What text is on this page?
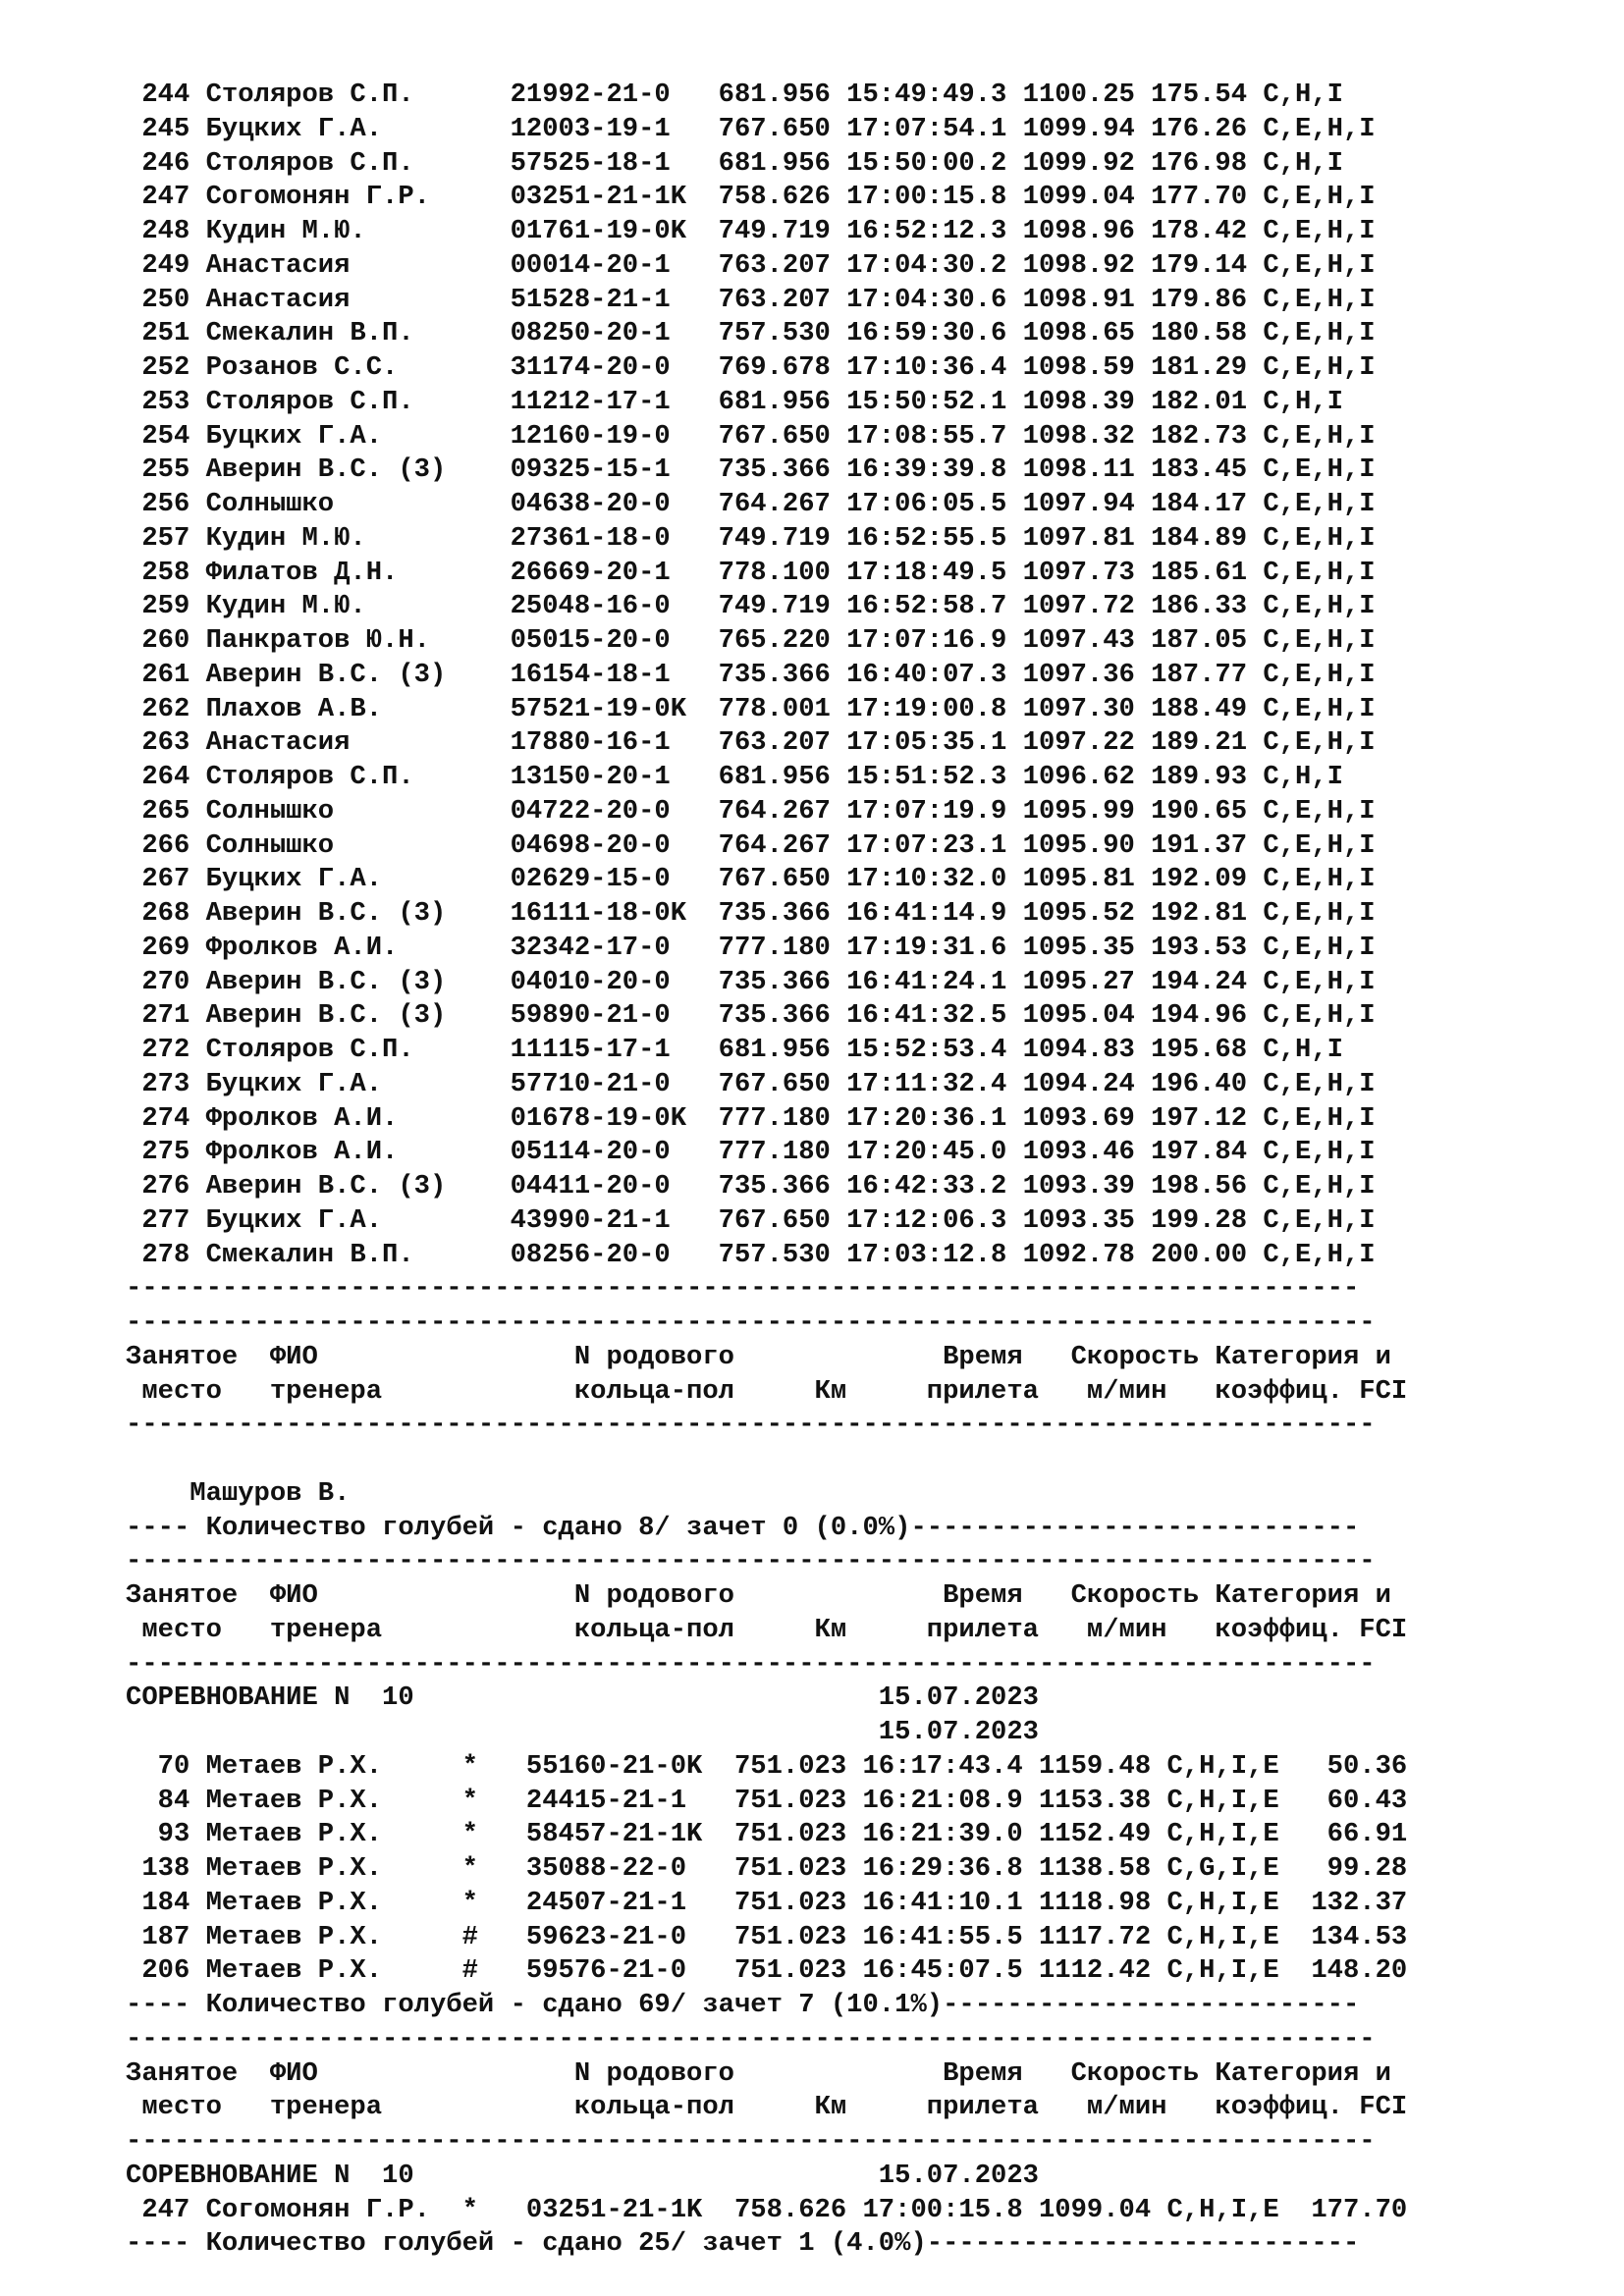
244 Столяров С.П.      21992-21-0   681.956 15:49:49.3 1100.25 175.54 C,H,I
245 Буцких Г.А.        12003-19-1   767.650 17:07:54.1 1099.94 176.26 C,E,H,I
246 Столяров С.П.      57525-18-1   681.956 15:50:00.2 1099.92 176.98 C,H,I
247 Согомонян Г.Р.     03251-21-1K  758.626 17:00:15.8 1099.04 177.70 C,E,H,I
248 Кудин М.Ю.         01761-19-0K  749.719 16:52:12.3 1098.96 178.42 C,E,H,I
249 Анастасия          00014-20-1   763.207 17:04:30.2 1098.92 179.14 C,E,H,I
250 Анастасия          51528-21-1   763.207 17:04:30.6 1098.91 179.86 C,E,H,I
251 Смекалин В.П.      08250-20-1   757.530 16:59:30.6 1098.65 180.58 C,E,H,I
252 Розанов С.С.       31174-20-0   769.678 17:10:36.4 1098.59 181.29 C,E,H,I
253 Столяров С.П.      11212-17-1   681.956 15:50:52.1 1098.39 182.01 C,H,I
254 Буцких Г.А.        12160-19-0   767.650 17:08:55.7 1098.32 182.73 C,E,H,I
255 Аверин В.С. (3)    09325-15-1   735.366 16:39:39.8 1098.11 183.45 C,E,H,I
256 Солнышко           04638-20-0   764.267 17:06:05.5 1097.94 184.17 C,E,H,I
257 Кудин М.Ю.         27361-18-0   749.719 16:52:55.5 1097.81 184.89 C,E,H,I
258 Филатов Д.Н.       26669-20-1   778.100 17:18:49.5 1097.73 185.61 C,E,H,I
259 Кудин М.Ю.         25048-16-0   749.719 16:52:58.7 1097.72 186.33 C,E,H,I
260 Панкратов Ю.Н.     05015-20-0   765.220 17:07:16.9 1097.43 187.05 C,E,H,I
261 Аверин В.С. (3)    16154-18-1   735.366 16:40:07.3 1097.36 187.77 C,E,H,I
262 Плахов А.В.        57521-19-0K  778.001 17:19:00.8 1097.30 188.49 C,E,H,I
263 Анастасия          17880-16-1   763.207 17:05:35.1 1097.22 189.21 C,E,H,I
264 Столяров С.П.      13150-20-1   681.956 15:51:52.3 1096.62 189.93 C,H,I
265 Солнышко           04722-20-0   764.267 17:07:19.9 1095.99 190.65 C,E,H,I
266 Солнышко           04698-20-0   764.267 17:07:23.1 1095.90 191.37 C,E,H,I
267 Буцких Г.А.        02629-15-0   767.650 17:10:32.0 1095.81 192.09 C,E,H,I
268 Аверин В.С. (3)    16111-18-0K  735.366 16:41:14.9 1095.52 192.81 C,E,H,I
269 Фролков А.И.       32342-17-0   777.180 17:19:31.6 1095.35 193.53 C,E,H,I
270 Аверин В.С. (3)    04010-20-0   735.366 16:41:24.1 1095.27 194.24 C,E,H,I
271 Аверин В.С. (3)    59890-21-0   735.366 16:41:32.5 1095.04 194.96 C,E,H,I
272 Столяров С.П.      11115-17-1   681.956 15:52:53.4 1094.83 195.68 C,H,I
273 Буцких Г.А.        57710-21-0   767.650 17:11:32.4 1094.24 196.40 C,E,H,I
274 Фролков А.И.       01678-19-0K  777.180 17:20:36.1 1093.69 197.12 C,E,H,I
275 Фролков А.И.       05114-20-0   777.180 17:20:45.0 1093.46 197.84 C,E,H,I
276 Аверин В.С. (3)    04411-20-0   735.366 16:42:33.2 1093.39 198.56 C,E,H,I
277 Буцких Г.А.        43990-21-1   767.650 17:12:06.3 1093.35 199.28 C,E,H,I
278 Смекалин В.П.      08256-20-0   757.530 17:03:12.8 1092.78 200.00 C,E,H,I
-----------------------------------------------------------------------------
------------------------------------------------------------------------------
Занятое  ФИО                N родового             Время   Скорость Категория и
место   тренера            кольца-пол     Км     прилета   м/мин   коэффиц. FCI
------------------------------------------------------------------------------

Машуров В.
---- Количество голубей - сдано 8/ зачет 0 (0.0%)----------------------------
------------------------------------------------------------------------------
Занятое  ФИО                N родового             Время   Скорость Категория и
место   тренера            кольца-пол     Км     прилета   м/мин   коэффиц. FCI
------------------------------------------------------------------------------
СОРЕВНОВАНИЕ N  10                             15.07.2023
15.07.2023
70 Метаев Р.Х.     *   55160-21-0K  751.023 16:17:43.4 1159.48 C,H,I,E   50.36
84 Метаев Р.Х.     *   24415-21-1   751.023 16:21:08.9 1153.38 C,H,I,E   60.43
93 Метаев Р.Х.     *   58457-21-1K  751.023 16:21:39.0 1152.49 C,H,I,E   66.91
138 Метаев Р.Х.     *   35088-22-0   751.023 16:29:36.8 1138.58 C,G,I,E   99.28
184 Метаев Р.Х.     *   24507-21-1   751.023 16:41:10.1 1118.98 C,H,I,E  132.37
187 Метаев Р.Х.     #   59623-21-0   751.023 16:41:55.5 1117.72 C,H,I,E  134.53
206 Метаев Р.Х.     #   59576-21-0   751.023 16:45:07.5 1112.42 C,H,I,E  148.20
---- Количество голубей - сдано 69/ зачет 7 (10.1%)--------------------------
------------------------------------------------------------------------------
Занятое  ФИО                N родового             Время   Скорость Категория и
место   тренера            кольца-пол     Км     прилета   м/мин   коэффиц. FCI
------------------------------------------------------------------------------
СОРЕВНОВАНИЕ N  10                             15.07.2023
247 Согомонян Г.Р.  *   03251-21-1K  758.626 17:00:15.8 1099.04 C,H,I,E  177.70
---- Количество голубей - сдано 25/ зачет 1 (4.0%)---------------------------
